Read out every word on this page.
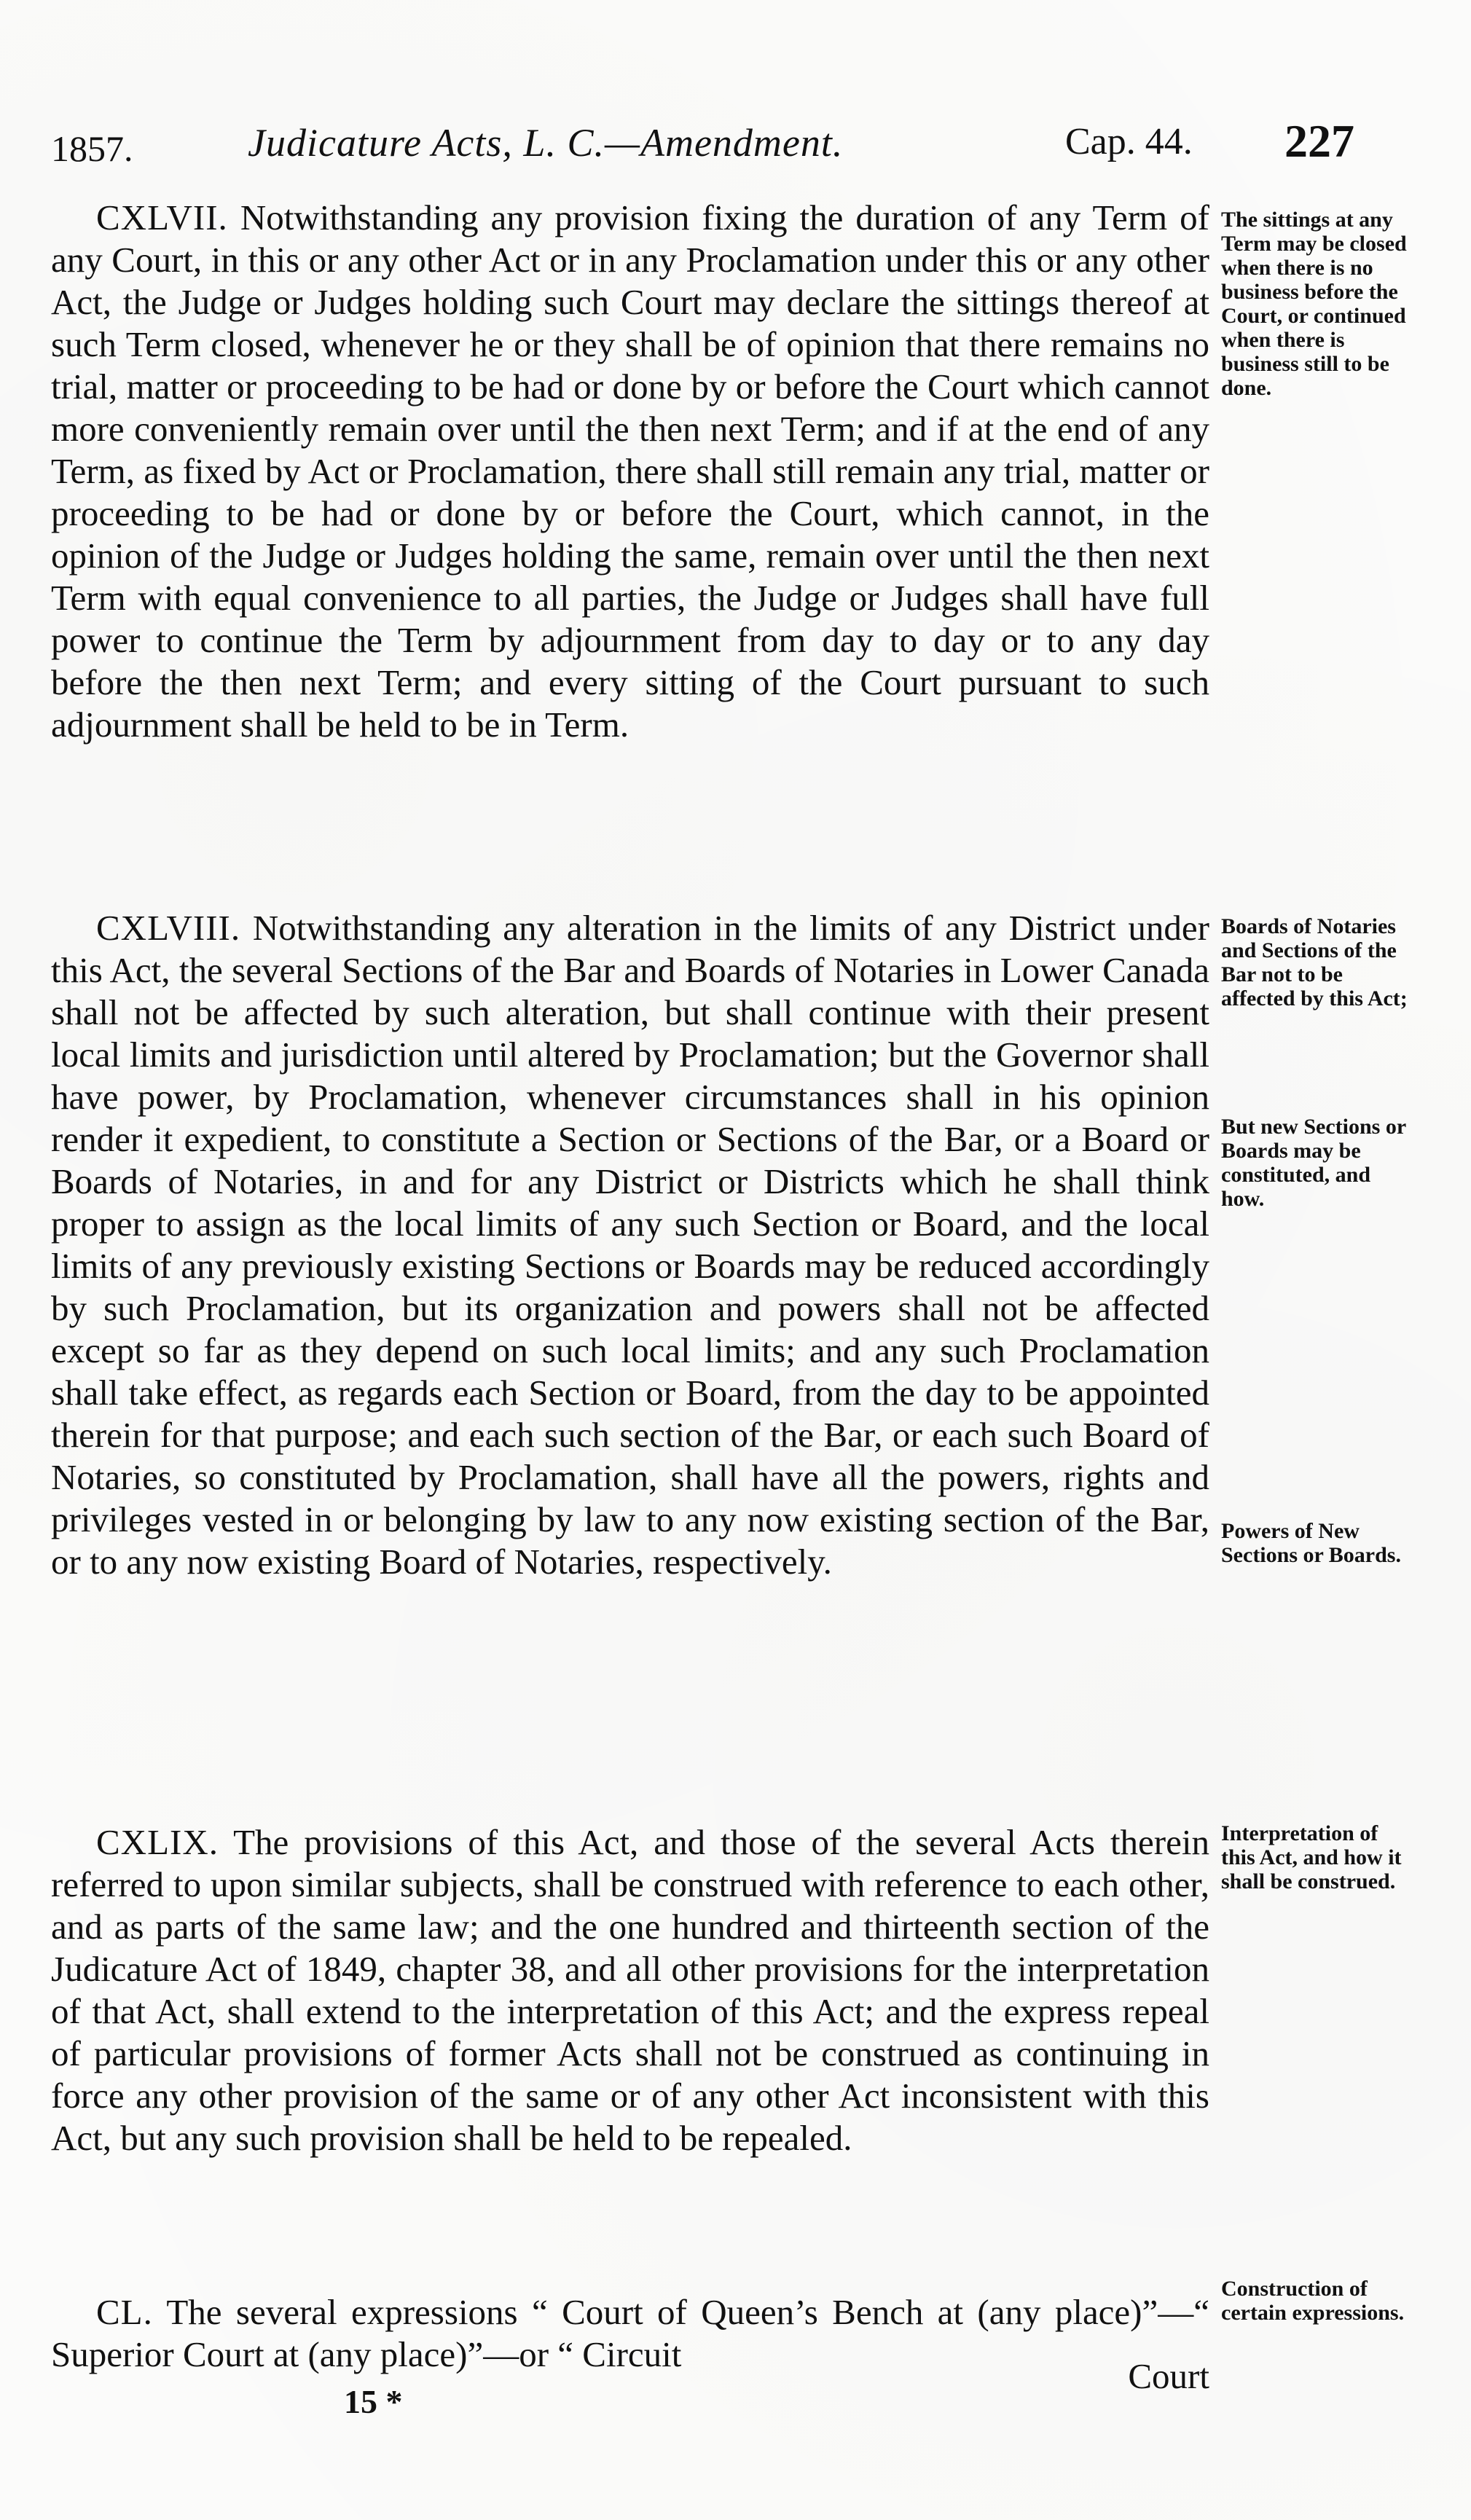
1857.	Judicature Acts, L. C.—Amendment.	Cap. 44. 227

CXLVII. Notwithstanding any provision fixing the duration of any Term of any Court, in this or any other Act or in any Proclamation under this or any other Act, the Judge or Judges holding such Court may declare the sittings thereof at such Term closed, whenever he or they shall be of opinion that there remains no trial, matter or proceeding to be had or done by or before the Court which cannot more conveniently remain over until the then next Term; and if at the end of any Term, as fixed by Act or Proclamation, there shall still remain any trial, matter or proceeding to be had or done by or before the Court, which cannot, in the opinion of the Judge or Judges holding the same, remain over until the then next Term with equal convenience to all parties, the Judge or Judges shall have full power to continue the Term by adjournment from day to day or to any day before the then next Term; and every sitting of the Court pursuant to such adjournment shall be held to be in Term.

The sittings at any Term may be closed when there is no business before the Court, or continued when there is business still to be done.

CXLVIII. Notwithstanding any alteration in the limits of any District under this Act, the several Sections of the Bar and Boards of Notaries in Lower Canada shall not be affected by such alteration, but shall continue with their present local limits and jurisdiction until altered by Proclamation; but the Governor shall have power, by Proclamation, whenever circumstances shall in his opinion render it expedient, to constitute a Section or Sections of the Bar, or a Board or Boards of Notaries, in and for any District or Districts which he shall think proper to assign as the local limits of any such Section or Board, and the local limits of any previously existing Sections or Boards may be reduced accordingly by such Proclamation, but its organization and powers shall not be affected except so far as they depend on such local limits; and any such Proclamation shall take effect, as regards each Section or Board, from the day to be appointed therein for that purpose; and each such section of the Bar, or each such Board of Notaries, so constituted by Proclamation, shall have all the powers, rights and privileges vested in or belonging by law to any now existing section of the Bar, or to any now existing Board of Notaries, respectively.

Boards of Notaries and Sections of the Bar not to be affected by this Act;
But new Sections or Boards may be constituted, and how.
Powers of New Sections or Boards.

CXLIX. The provisions of this Act, and those of the several Acts therein referred to upon similar subjects, shall be construed with reference to each other, and as parts of the same law; and the one hundred and thirteenth section of the Judicature Act of 1849, chapter 38, and all other provisions for the interpretation of that Act, shall extend to the interpretation of this Act; and the express repeal of particular provisions of former Acts shall not be construed as continuing in force any other provision of the same or of any other Act inconsistent with this Act, but any such provision shall be held to be repealed.

Interpretation of this Act, and how it shall be construed.

CL. The several expressions “ Court of Queen’s Bench at (any place)”—“ Superior Court at (any place)”—or “ Circuit

Court
Construction of certain expressions.
15 *
